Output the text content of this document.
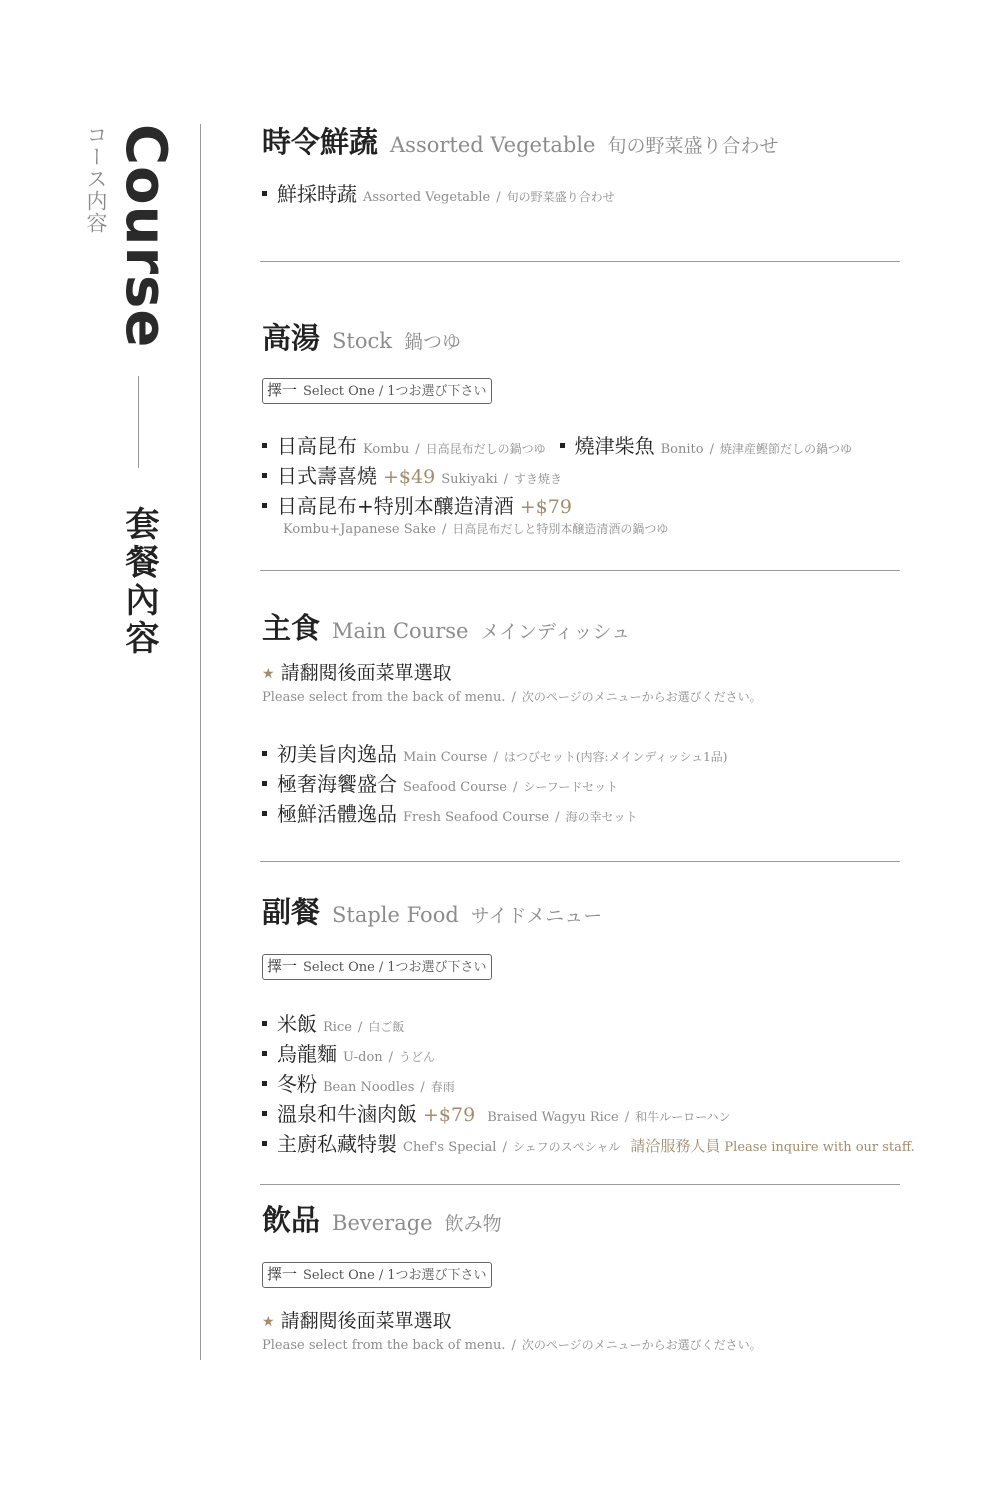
Course
コース内容
套餐內容
時令鮮蔬 Assorted Vegetable 旬の野菜盛り合わせ
鮮採時蔬 Assorted Vegetable / 旬の野菜盛り合わせ
高湯 Stock 鍋つゆ
擇一 Select One / 1つお選び下さい
日高昆布 Kombu / 日高昆布だしの鍋つゆ 燒津柴魚 Bonito / 焼津産鰹節だしの鍋つゆ
日式壽喜燒 +$49 Sukiyaki / すき焼き
日高昆布+特別本釀造清酒 +$79
Kombu+Japanese Sake / 日高昆布だしと特別本醸造清酒の鍋つゆ
主食 Main Course メインディッシュ
★ 請翻閱後面菜單選取
Please select from the back of menu. / 次のページのメニューからお選びください。
初美旨肉逸品 Main Course / はつびセット(内容:メインディッシュ1品)
極奢海饗盛合 Seafood Course / シーフードセット
極鮮活體逸品 Fresh Seafood Course / 海の幸セット
副餐 Staple Food サイドメニュー
擇一 Select One / 1つお選び下さい
米飯 Rice / 白ご飯
烏龍麵 U-don / うどん
冬粉 Bean Noodles / 春雨
溫泉和牛滷肉飯 +$79 Braised Wagyu Rice / 和牛ルーローハン
主廚私藏特製 Chef's Special / シェフのスペシャル 請洽服務人員 Please inquire with our staff.
飲品 Beverage 飲み物
擇一 Select One / 1つお選び下さい
★ 請翻閱後面菜單選取
Please select from the back of menu. / 次のページのメニューからお選びください。
